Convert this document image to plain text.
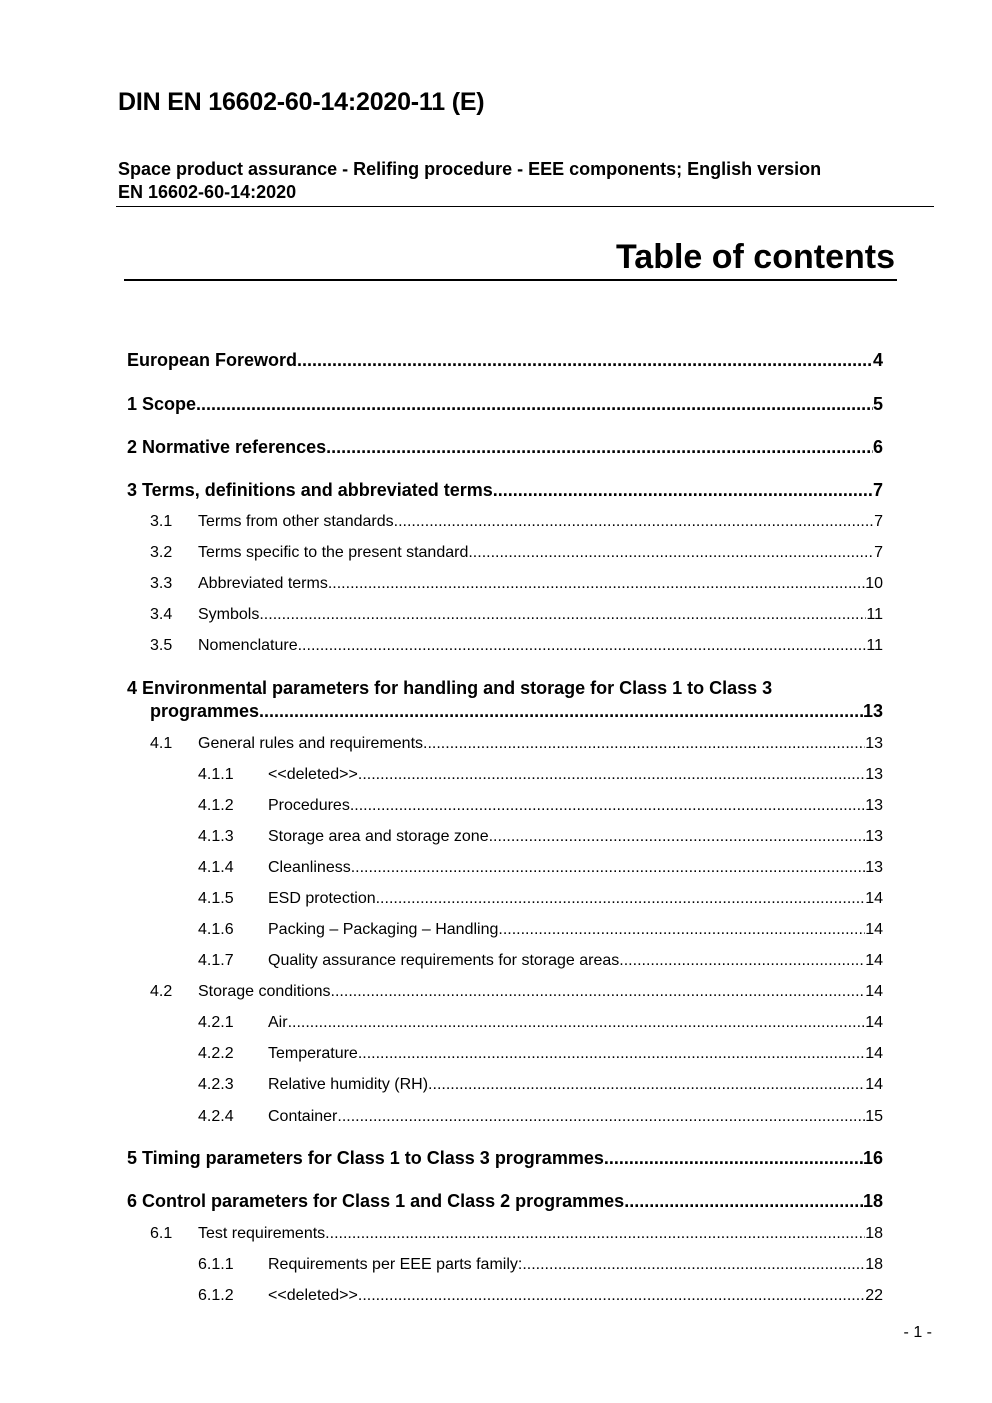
DIN EN 16602-60-14:2020-11 (E)
Space product assurance - Relifing procedure - EEE components; English version
EN 16602-60-14:2020
Table of contents
European Foreword .....	4
1 Scope .....	5
2 Normative references .....	6
3 Terms, definitions and abbreviated terms .....	7
3.1	Terms from other standards .....	7
3.2	Terms specific to the present standard .....	7
3.3	Abbreviated terms .....	10
3.4	Symbols .....	11
3.5	Nomenclature .....	11
4 Environmental parameters for handling and storage for Class 1 to Class 3
programmes .....	13
4.1	General rules and requirements .....	13
4.1.1	<<deleted>> .....	13
4.1.2	Procedures .....	13
4.1.3	Storage area and storage zone .....	13
4.1.4	Cleanliness .....	13
4.1.5	ESD protection .....	14
4.1.6	Packing – Packaging – Handling .....	14
4.1.7	Quality assurance requirements for storage areas .....	14
4.2	Storage conditions .....	14
4.2.1	Air .....	14
4.2.2	Temperature .....	14
4.2.3	Relative humidity (RH) .....	14
4.2.4	Container .....	15
5 Timing parameters for Class 1 to Class 3 programmes .....	16
6 Control parameters for Class 1 and Class 2 programmes .....	18
6.1	Test requirements .....	18
6.1.1	Requirements per EEE parts family: .....	18
6.1.2	<<deleted>> .....	22
- 1 -
